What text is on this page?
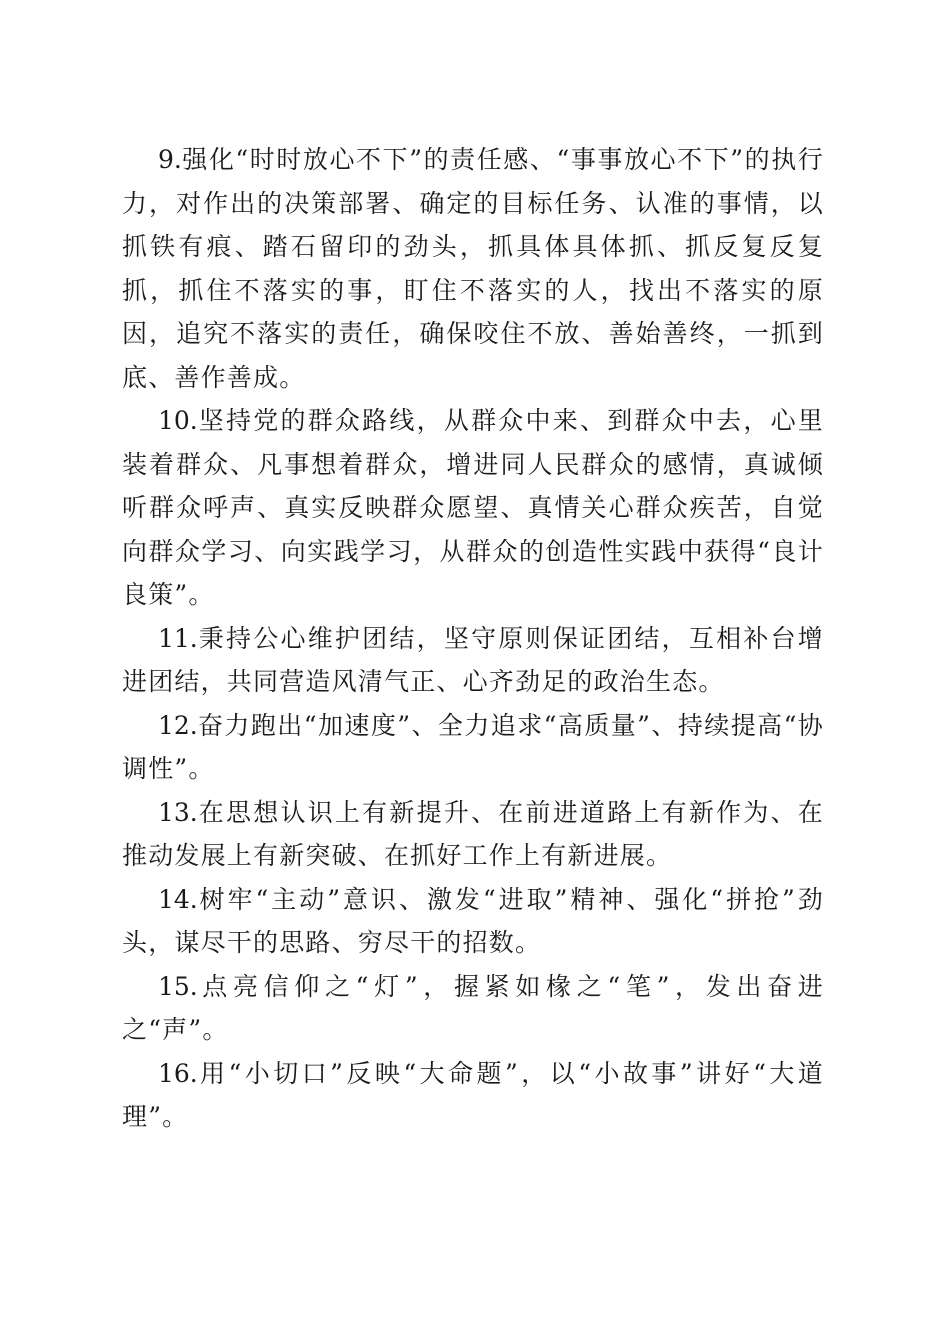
9.强化“时时放心不下”的责任感、“事事放心不下”的执行力，对作出的决策部署、确定的目标任务、认准的事情，以抓铁有痕、踏石留印的劲头，抓具体具体抓、抓反复反复抓，抓住不落实的事，盯住不落实的人，找出不落实的原因，追究不落实的责任，确保咬住不放、善始善终，一抓到底、善作善成。

10.坚持党的群众路线，从群众中来、到群众中去，心里装着群众、凡事想着群众，增进同人民群众的感情，真诚倾听群众呼声、真实反映群众愿望、真情关心群众疾苦，自觉向群众学习、向实践学习，从群众的创造性实践中获得“良计良策”。

11.秉持公心维护团结，坚守原则保证团结，互相补台增进团结，共同营造风清气正、心齐劲足的政治生态。

12.奋力跑出“加速度”、全力追求“高质量”、持续提高“协调性”。

13.在思想认识上有新提升、在前进道路上有新作为、在推动发展上有新突破、在抓好工作上有新进展。

14.树牢“主动”意识、激发“进取”精神、强化“拼抢”劲头，谋尽干的思路、穷尽干的招数。

15.点亮信仰之“灯”，握紧如椽之“笔”，发出奋进之“声”。

16.用“小切口”反映“大命题”，以“小故事”讲好“大道理”。
